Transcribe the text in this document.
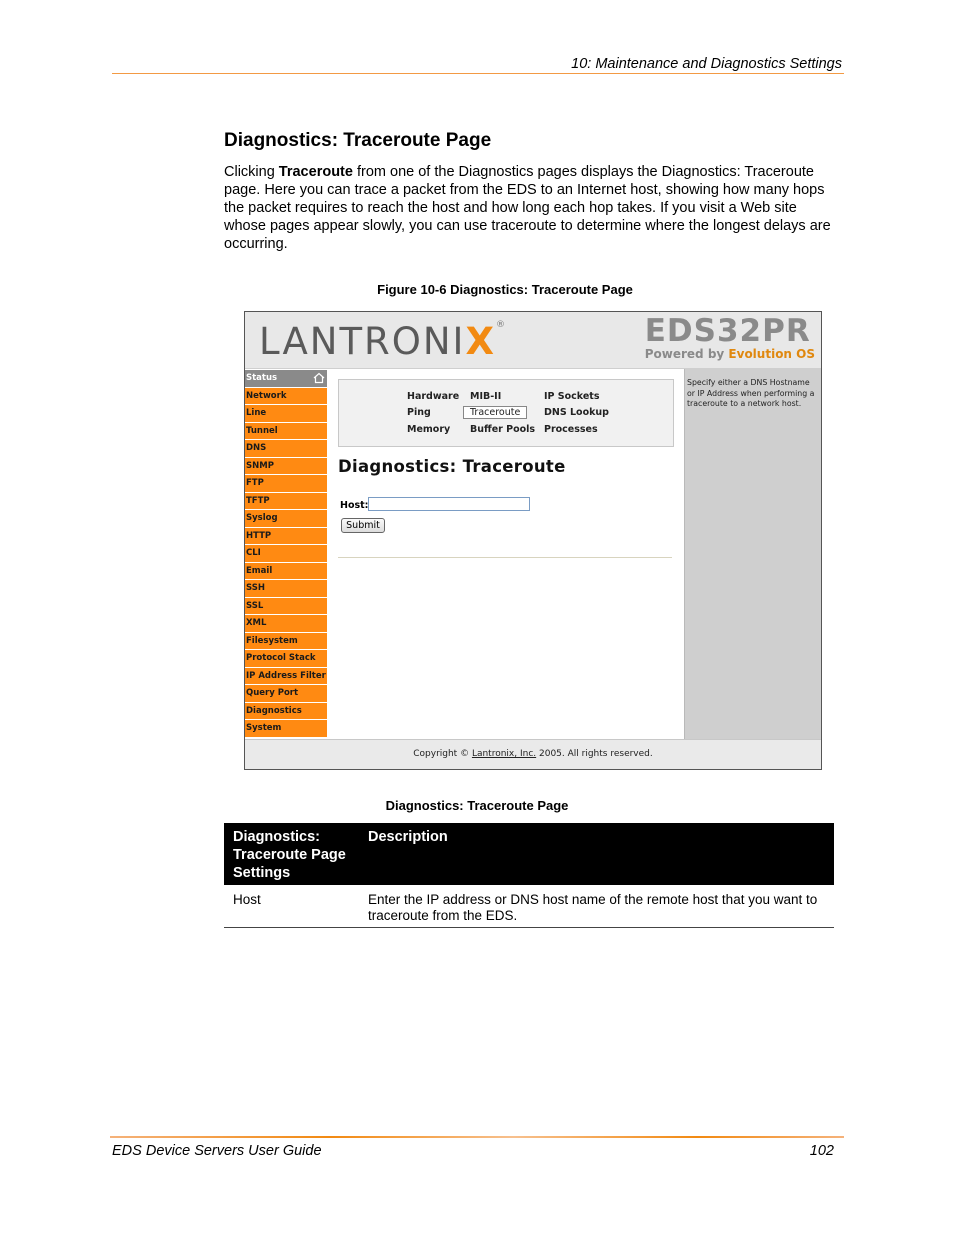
10: Maintenance and Diagnostics Settings
Diagnostics: Traceroute Page
Clicking Traceroute from one of the Diagnostics pages displays the Diagnostics: Traceroute page. Here you can trace a packet from the EDS to an Internet host, showing how many hops the packet requires to reach the host and how long each hop takes. If you visit a Web site whose pages appear slowly, you can use traceroute to determine where the longest delays are occurring.
Figure 10-6 Diagnostics: Traceroute Page
LANTRONIX®	EDS32PR
Powered by Evolution OS
Status
Network
Line
Tunnel
DNS
SNMP
FTP
TFTP
Syslog
HTTP
CLI
Email
SSH
SSL
XML
Filesystem
Protocol Stack
IP Address Filter
Query Port
Diagnostics
System
Hardware MIB-II	IP Sockets
Ping	Traceroute	DNS Lookup
Memory Buffer Pools Processes
Diagnostics: Traceroute
Host:
Submit
Specify either a DNS Hostname or IP Address when performing a traceroute to a network host.
Copyright © Lantronix, Inc. 2005. All rights reserved.
Diagnostics: Traceroute Page
Diagnostics: Traceroute Page Settings
Description
Host	Enter the IP address or DNS host name of the remote host that you want to traceroute from the EDS.
EDS Device Servers User Guide	102
